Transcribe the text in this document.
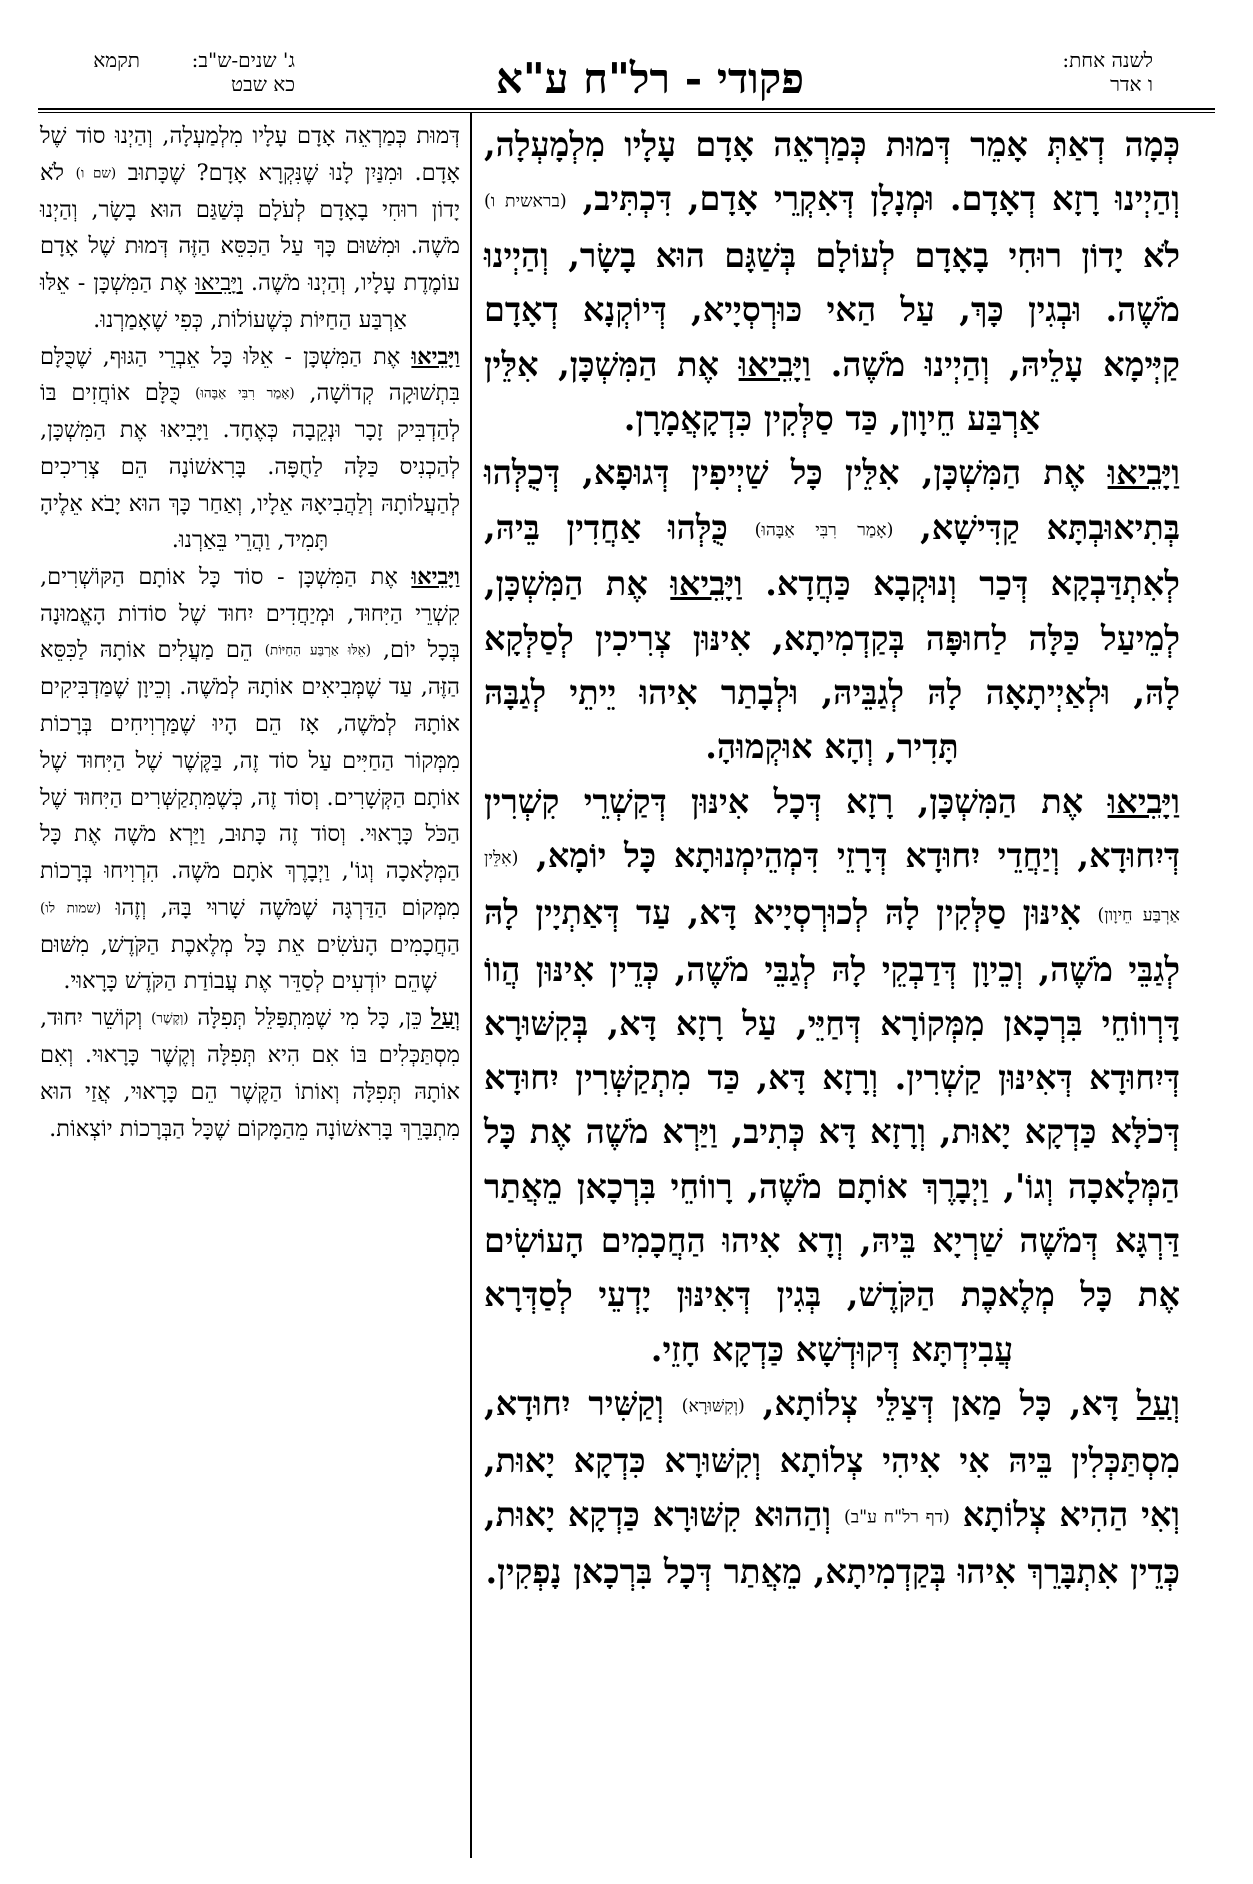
לשנה אחת:
ו אדר
פקודי - רל"ח ע"א
ג' שנים-ש"ב:
כא שבט
תקמא

כְּמָה דְאַתְּ אָמֵר דְּמוּת כְּמַרְאֵה אָדָם עָלָיו מִלְמָעְלָה, וְהַיְינוּ רָזָא דְאָדָם. וּמְנָלָן דְּאִקְרֵי אָדָם, דִּכְתִּיב, (בראשית ו) לֹא יָדוֹן רוּחִי בָאָדָם לְעוֹלָם בְּשַׁגָּם הוּא בָשָׂר, וְהַיְינוּ מֹשֶׁה. וּבְגִין כָּךְ, עַל הַאי כּוּרְסְיָיא, דְּיוֹקְנָא דְאָדָם קַיְּימָא עָלֵיהּ, וְהַיְינוּ מֹשֶׁה. וַיָּבִיאוּ אֶת הַמִּשְׁכָּן, אִלֵּין אַרְבַּע חֵיוָון, כַּד סַלְּקִין כִּדְקָאֲמָרָן.

וַיָּבִיאוּ אֶת הַמִּשְׁכָּן, אִלֵּין כָּל שַׁיְיפִין דְּגוּפָא, דְּכֻלְּהוּ בְּתִיאוּבְתָּא קַדִּישָׁא, (אָמַר רִבִּי אַבָּהוּ) כֻּלְּהוּ אַחֲדִין בֵּיהּ, לְאִתְדַּבְקָא דְּכַר וְנוּקְבָא כַּחֲדָא. וַיָּבִיאוּ אֶת הַמִּשְׁכָּן, לְמֵיעַל כַּלָּה לַחוּפָּה בְּקַדְמִיתָא, אִינּוּן צְרִיכִין לְסַלְּקָא לָהּ, וּלְאַיְיתָאָה לָהּ לְגַבֵּיהּ, וּלְבָתַר אִיהוּ יֵיתֵי לְגַבָּהּ תָּדִיר, וְהָא אוּקְמוּהָ.

וַיָּבִיאוּ אֶת הַמִּשְׁכָּן, רָזָא דְּכָל אִינּוּן דְּקַשְׁרֵי קִשְׁרִין דְּיִחוּדָא, וְיַחֲדֵי יִחוּדָא דְּרָזֵי דִּמְהֵימְנוּתָא כָּל יוֹמָא, (אִלֵּין אַרְבַּע חֵיוָון) אִינּוּן סַלְּקִין לָהּ לְכוּרְסְיָיא דָּא, עַד דְּאַתְיָין לָהּ לְגַבֵּי מֹשֶׁה, וְכֵיוָן דְּדַבְקֵי לָהּ לְגַבֵּי מֹשֶׁה, כְּדֵין אִינּוּן הֲווֹ דָּרְווֹחֵי בִּרְכָאן מִמְּקוֹרָא דְּחַיֵּי, עַל רָזָא דָּא, בְּקִשּׁוּרָא דְּיִחוּדָא דְּאִינּוּן קַשְׁרִין. וְרָזָא דָּא, כַּד מִתְקַשְּׁרִין יִחוּדָא דְּכֹלָּא כַּדְקָא יָאוּת, וְרָזָא דָּא כְּתִיב, וַיַּרְא מֹשֶׁה אֶת כָּל הַמְּלָאכָה וְגוֹ', וַיְבָרֶךְ אוֹתָם מֹשֶׁה, רָווֹחֵי בִּרְכָאן מֵאֲתַר דַּרְגָּא דְּמֹשֶׁה שַׁרְיָא בֵּיהּ, וְדָא אִיהוּ הַחֲכָמִים הָעוֹשִׂים אֶת כָּל מְלֶאכֶת הַקֹּדֶשׁ, בְּגִין דְּאִינּוּן יָדְעֵי לְסַדְּרָא עֲבִידְתָּא דְּקוּדְשָׁא כַּדְקָא חָזֵי.

וְעַל דָּא, כָּל מַאן דְּצַלֵּי צְלוֹתָא, (וְקִשּׁוּרָא) וְקַשִּׁיר יִחוּדָא, מִסְתַּכְּלִין בֵּיהּ אִי אִיהִי צְלוֹתָא וְקִשּׁוּרָא כִּדְקָא יָאוּת, וְאִי הַהִיא צְלוֹתָא (דף רל"ח ע"ב) וְהַהוּא קִשּׁוּרָא כַּדְקָא יָאוּת, כְּדֵין אִתְבָּרֵךְ אִיהוּ בְּקַדְמִיתָא, מֵאֲתַר דְּכָל בִּרְכָאן נָפְקִין.

דְּמוּת כְּמַרְאֵה אָדָם עָלָיו מִלְמַעְלָה, וְהַיְנוּ סוֹד שֶׁל אָדָם. וּמִנַּיִן לָנוּ שֶׁנִּקְרָא אָדָם? שֶׁכָּתוּב (שם ו) לֹא יָדוֹן רוּחִי בָאָדָם לְעֹלָם בְּשַׁגַּם הוּא בָשָׂר, וְהַיְנוּ מֹשֶׁה. וּמִשּׁוּם כָּךְ עַל הַכִּסֵּא הַזֶּה דְּמוּת שֶׁל אָדָם עוֹמֶדֶת עָלָיו, וְהַיְנוּ מֹשֶׁה. וַיָּבִיאוּ אֶת הַמִּשְׁכָּן - אֵלּוּ אַרְבַּע הַחַיּוֹת כְּשֶׁעוֹלוֹת, כְּפִי שֶׁאָמַרְנוּ.

וַיָּבִיאוּ אֶת הַמִּשְׁכָּן - אֵלּוּ כָּל אֵבְרֵי הַגּוּף, שֶׁכֻּלָּם בִּתְשׁוּקָה קְדוֹשָׁה, (אָמַר רִבִּי אַבָּהוּ) כֻּלָּם אוֹחֲזִים בּוֹ לְהַדְבִּיק זָכָר וּנְקֵבָה כְּאֶחָד. וַיָּבִיאוּ אֶת הַמִּשְׁכָּן, לְהַכְנִיס כַּלָּה לַחֻפָּה. בָּרִאשׁוֹנָה הֵם צְרִיכִים לְהַעֲלוֹתָהּ וְלַהֲבִיאָהּ אֵלָיו, וְאַחַר כָּךְ הוּא יָבֹא אֵלֶיהָ תָּמִיד, וַהֲרֵי בֵּאַרְנוּ.

וַיָּבִיאוּ אֶת הַמִּשְׁכָּן - סוֹד כָּל אוֹתָם הַקּוֹשְׁרִים, קִשְׁרֵי הַיִּחוּד, וּמְיַחֲדִים יִחוּד שֶׁל סוֹדוֹת הָאֱמוּנָה בְּכָל יוֹם, (אֵלּוּ אַרְבַּע הַחַיּוֹת) הֵם מַעֲלִים אוֹתָהּ לַכִּסֵּא הַזֶּה, עַד שֶׁמְּבִיאִים אוֹתָהּ לְמֹשֶׁה. וְכֵיוָן שֶׁמַּדְבִּיקִים אוֹתָהּ לְמֹשֶׁה, אָז הֵם הָיוּ שֶׁמַּרְוִיחִים בְּרָכוֹת מִמְּקוֹר הַחַיִּים עַל סוֹד זֶה, בַּקֶּשֶׁר שֶׁל הַיִּחוּד שֶׁל אוֹתָם הַקְּשָׁרִים. וְסוֹד זֶה, כְּשֶׁמִּתְקַשְּׁרִים הַיִּחוּד שֶׁל הַכֹּל כָּרָאוּי. וְסוֹד זֶה כָּתוּב, וַיַּרְא מֹשֶׁה אֶת כָּל הַמְּלָאכָה וְגוֹ', וַיְבָרֶךְ אֹתָם מֹשֶׁה. הִרְוִיחוּ בְּרָכוֹת מִמְּקוֹם הַדַּרְגָּה שֶׁמֹּשֶׁה שָׁרוּי בָּהּ, וְזֶהוּ (שמות לו) הַחֲכָמִים הָעֹשִׂים אֵת כָּל מְלֶאכֶת הַקֹּדֶשׁ, מִשּׁוּם שֶׁהֵם יוֹדְעִים לְסַדֵּר אֶת עֲבוֹדַת הַקֹּדֶשׁ כָּרָאוּי.

וְעַל כֵּן, כָּל מִי שֶׁמִּתְפַּלֵּל תְּפִלָּה (וְקֶשֶׁר) וְקוֹשֵׁר יִחוּד, מִסְתַּכְּלִים בּוֹ אִם הִיא תְּפִלָּה וְקֶשֶׁר כָּרָאוּי. וְאִם אוֹתָהּ תְּפִלָּה וְאוֹתוֹ הַקֶּשֶׁר הֵם כָּרָאוּי, אֲזַי הוּא מִתְבָּרֵךְ בָּרִאשׁוֹנָה מֵהַמָּקוֹם שֶׁכָּל הַבְּרָכוֹת יוֹצְאוֹת.
